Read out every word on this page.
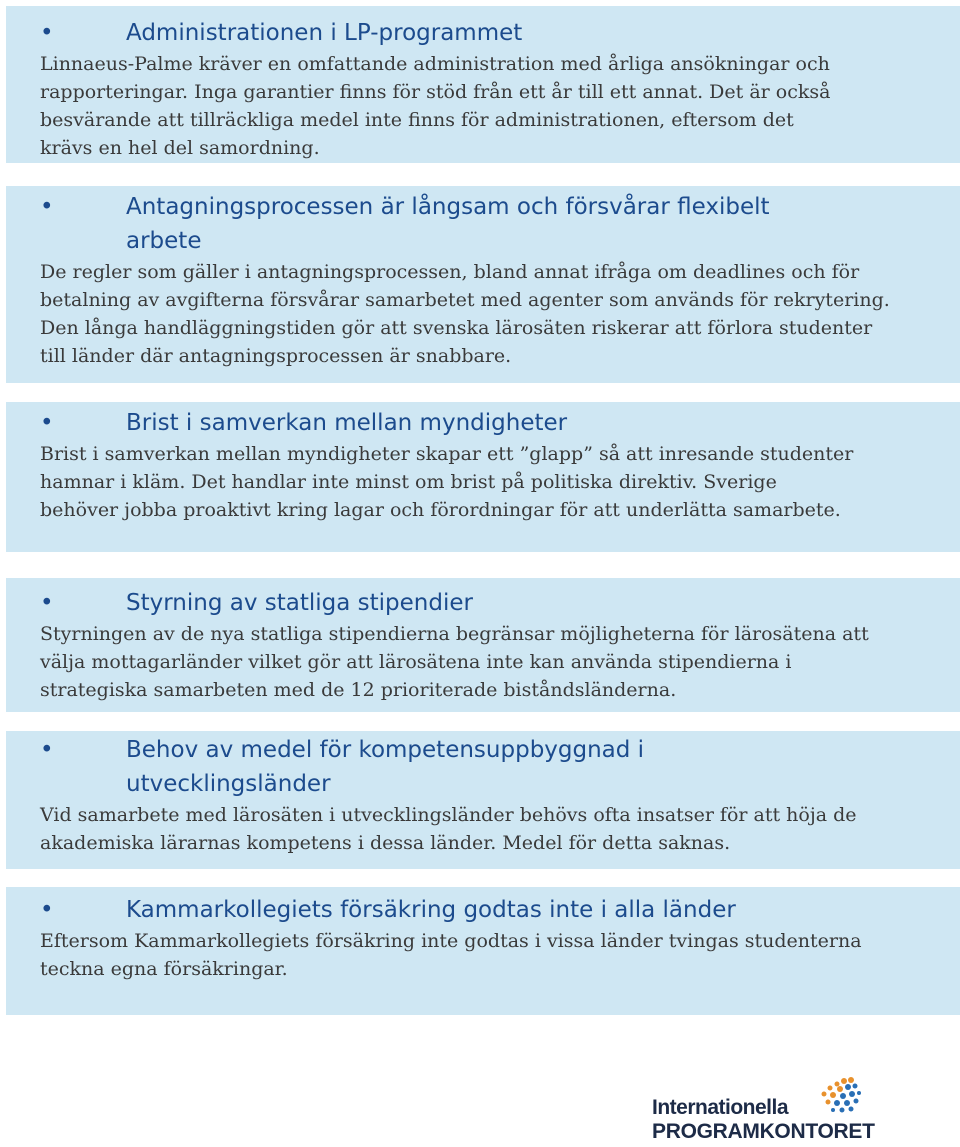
•	Administrationen i LP-programmet

Linnaeus-Palme kräver en omfattande administration med årliga ansökningar och rapporteringar. Inga garantier finns för stöd från ett år till ett annat. Det är också besvärande att tillräckliga medel inte finns för administrationen, eftersom det krävs en hel del samordning.

•	Antagningsprocessen är långsam och försvårar flexibelt arbete

De regler som gäller i antagningsprocessen, bland annat ifråga om deadlines och för betalning av avgifterna försvårar samarbetet med agenter som används för rekrytering. Den långa handläggningstiden gör att svenska lärosäten riskerar att förlora studenter till länder där antagningsprocessen är snabbare.

•	Brist i samverkan mellan myndigheter

Brist i samverkan mellan myndigheter skapar ett ”glapp” så att inresande studenter hamnar i kläm. Det handlar inte minst om brist på politiska direktiv. Sverige behöver jobba proaktivt kring lagar och förordningar för att underlätta samarbete.

•	Styrning av statliga stipendier

Styrningen av de nya statliga stipendierna begränsar möjligheterna för lärosätena att välja mottagarländer vilket gör att lärosätena inte kan använda stipendierna i strategiska samarbeten med de 12 prioriterade biståndsländerna.

•	Behov av medel för kompetensuppbyggnad i utvecklingsländer

Vid samarbete med lärosäten i utvecklingsländer behövs ofta insatser för att höja de akademiska lärarnas kompetens i dessa länder. Medel för detta saknas.

•	Kammarkollegiets försäkring godtas inte i alla länder

Eftersom Kammarkollegiets försäkring inte godtas i vissa länder tvingas studenterna teckna egna försäkringar.

Internationella
PROGRAMKONTORET
